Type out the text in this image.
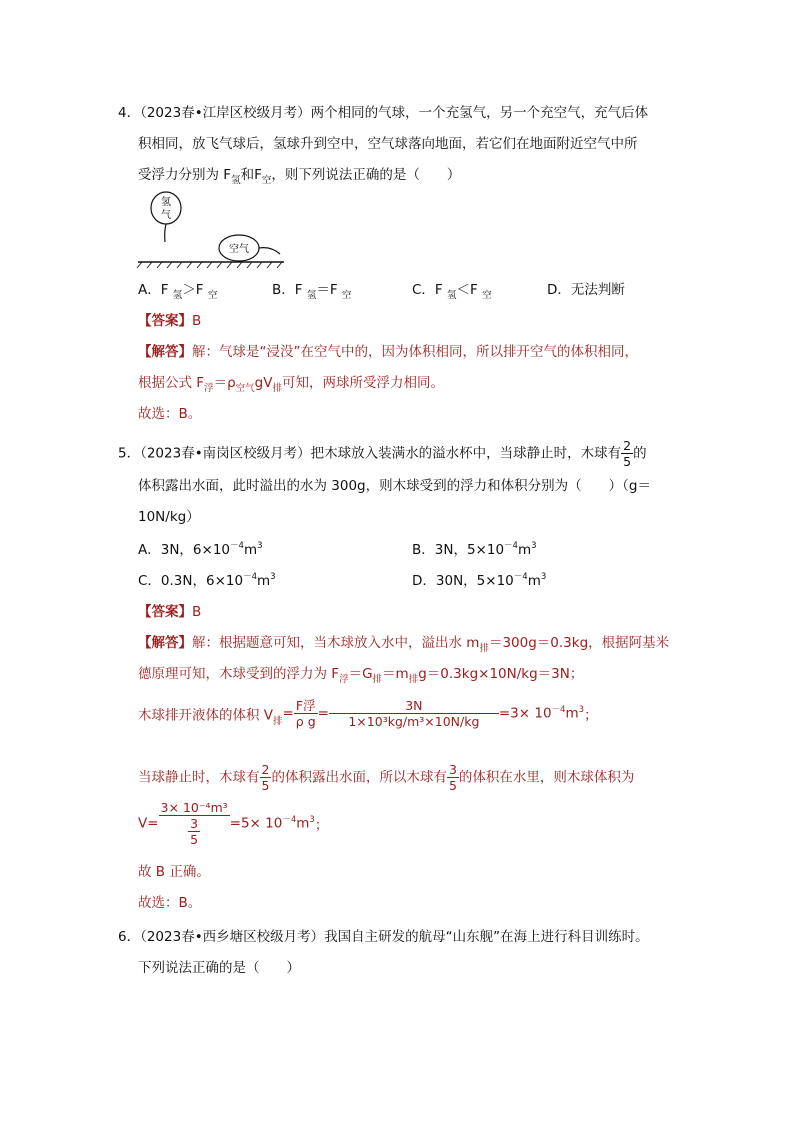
4．（2023春•江岸区校级月考）两个相同的气球，一个充氢气，另一个充空气，充气后体
积相同，放飞气球后，氢球升到空中，空气球落向地面，若它们在地面附近空气中所
受浮力分别为 $F_氢$和$F_空$，则下列说法正确的是（　　）
氢
气
空气
A．F $_氢$＞F $_空$	B．F $_氢$＝F $_空$	C．F $_氢$＜F $_空$	D．无法判断
【答案】B
【解答】解：气球是“浸没”在空气中的，因为体积相同，所以排开空气的体积相同，
根据公式 $F_浮=\rho_{空气}gV_排$可知，两球所受浮力相同。
故选：B。
5．（2023春•南岗区校级月考）把木球放入装满水的溢水杯中，当球静止时，木球有 $\frac{2}{5}$ 的
体积露出水面，此时溢出的水为 300g，则木球受到的浮力和体积分别为（　　）（g＝
10N/kg）
A．3N，$6\times 10^{-4}m^3$	B．3N，$5\times 10^{-4}m^3$
C．0.3N，$6\times 10^{-4}m^3$	D．30N，$5\times 10^{-4}m^3$
【答案】B
【解答】解：根据题意可知，当木球放入水中，溢出水 $m_排=300g=0.3kg$，根据阿基米
德原理可知，木球受到的浮力为 $F_浮=G_排=m_排g=0.3kg\times 10N/kg=3N$；
木球排开液体的体积 $V_排= \frac{\text{F浮}}{\text{ρ g}} = \frac{3N}{\text{1×10³kg/m³×10N/kg}} =3\times 10^{-4}m^3$；
当球静止时，木球有 $\frac{2}{5}$ 的体积露出水面，所以木球有 $\frac{3}{5}$ 的体积在水里，则木球体积为
$V= \frac{\text{3× 10⁻⁴m³}}{\frac{3}{5}} =5\times 10^{-4}m^3$；
故 B 正确。
故选：B。
6．（2023春•西乡塘区校级月考）我国自主研发的航母“山东舰”在海上进行科目训练时。
下列说法正确的是（　　）
